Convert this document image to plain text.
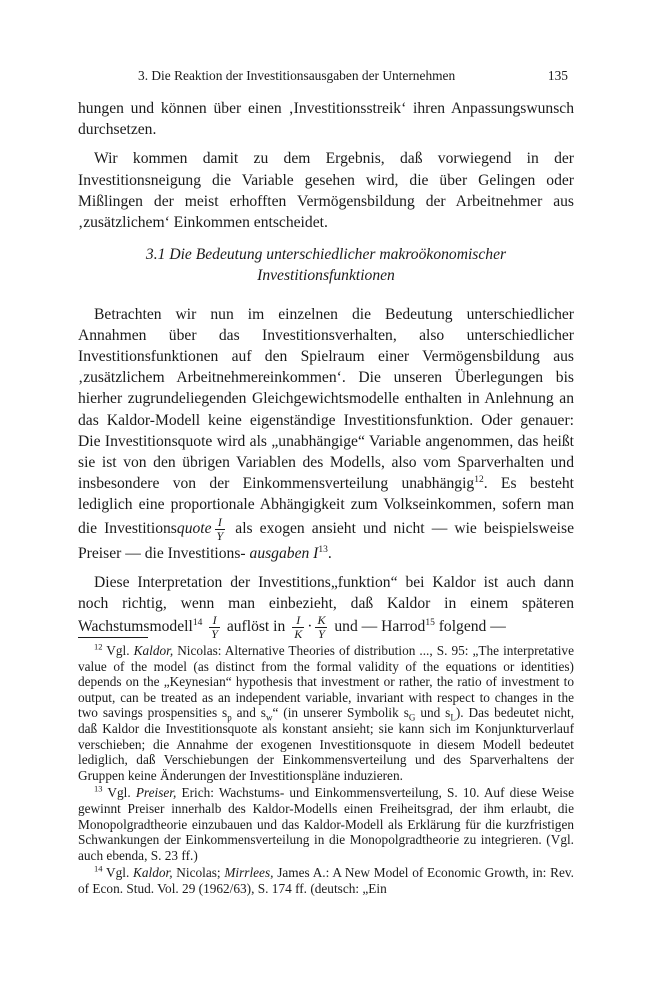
3. Die Reaktion der Investitionsausgaben der Unternehmen	135

hungen und können über einen ‚Investitionsstreik‘ ihren Anpassungswunsch durchsetzen.

Wir kommen damit zu dem Ergebnis, daß vorwiegend in der Investitionsneigung die Variable gesehen wird, die über Gelingen oder Mißlingen der meist erhofften Vermögensbildung der Arbeitnehmer aus ‚zusätzlichem‘ Einkommen entscheidet.

3.1 Die Bedeutung unterschiedlicher makroökonomischer
Investitionsfunktionen

Betrachten wir nun im einzelnen die Bedeutung unterschiedlicher Annahmen über das Investitionsverhalten, also unterschiedlicher Investitionsfunktionen auf den Spielraum einer Vermögensbildung aus ‚zusätzlichem Arbeitnehmereinkommen‘. Die unseren Überlegungen bis hierher zugrundeliegenden Gleichgewichtsmodelle enthalten in Anlehnung an das Kaldor-Modell keine eigenständige Investitionsfunktion. Oder genauer: Die Investitionsquote wird als „unabhängige“ Variable angenommen, das heißt sie ist von den übrigen Variablen des Modells, also vom Sparverhalten und insbesondere von der Einkommensverteilung unabhängig$^{12}$. Es besteht lediglich eine proportionale Abhängigkeit zum Volkseinkommen, sofern man die Investitionsquote $\frac{I}{Y}$ als exogen ansieht und nicht — wie beispielsweise Preiser — die Investitions- ausgaben $I^{13}$.

Diese Interpretation der Investitions„funktion“ bei Kaldor ist auch dann noch richtig, wenn man einbezieht, daß Kaldor in einem späteren Wachstumsmodell$^{14}$ $\frac{I}{Y}$ auflöst in $\frac{I}{K} \cdot \frac{K}{Y}$ und — Harrod$^{15}$ folgend —

$^{12}$ Vgl. Kaldor, Nicolas: Alternative Theories of distribution ..., S. 95: „The interpretative value of the model (as distinct from the formal validity of the equations or identities) depends on the „Keynesian“ hypothesis that investment or rather, the ratio of investment to output, can be treated as an independent variable, invariant with respect to changes in the two savings prospensities $s_p$ and $s_w“$ (in unserer Symbolik $s_G$ und $s_L$). Das bedeutet nicht, daß Kaldor die Investitionsquote als konstant ansieht; sie kann sich im Konjunkturverlauf verschieben; die Annahme der exogenen Investitionsquote in diesem Modell bedeutet lediglich, daß Verschiebungen der Einkommensverteilung und des Sparverhaltens der Gruppen keine Änderungen der Investitionspläne induzieren.

$^{13}$ Vgl. Preiser, Erich: Wachstums- und Einkommensverteilung, S. 10. Auf diese Weise gewinnt Preiser innerhalb des Kaldor-Modells einen Freiheitsgrad, der ihm erlaubt, die Monopolgradtheorie einzubauen und das Kaldor-Modell als Erklärung für die kurzfristigen Schwankungen der Einkommensverteilung in die Monopolgradtheorie zu integrieren. (Vgl. auch ebenda, S. 23 ff.)

$^{14}$ Vgl. Kaldor, Nicolas; Mirrlees, James A.: A New Model of Economic Growth, in: Rev. of Econ. Stud. Vol. 29 (1962/63), S. 174 ff. (deutsch: „Ein
